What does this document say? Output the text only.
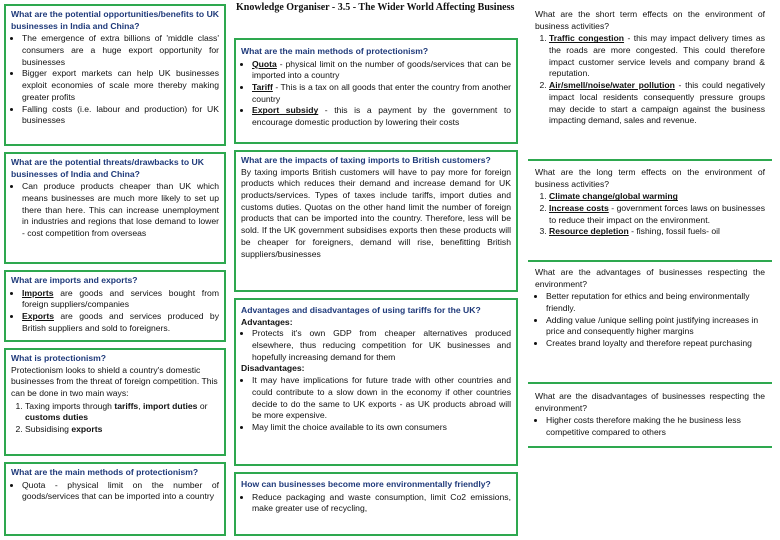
Knowledge Organiser - 3.5 - The Wider World Affecting Business
What are the potential opportunities/benefits to UK businesses in India and China?
• The emergence of extra billions of 'middle class' consumers are a huge export opportunity for businesses
• Bigger export markets can help UK businesses exploit economies of scale more thereby making greater profits
• Falling costs (i.e. labour and production) for UK businesses
What are the potential threats/drawbacks to UK businesses of India and China?
• Can produce products cheaper than UK which means businesses are much more likely to set up there than here. This can increase unemployment in industries and regions that lose demand to lower - cost competition from overseas
What are imports and exports?
• Imports are goods and services bought from foreign suppliers/companies
• Exports are goods and services produced by British suppliers and sold to foreigners.
What is protectionism?

Protectionism looks to shield a country's domestic businesses from the threat of foreign competition. This can be done in two main ways:

1. Taxing imports through tariffs, import duties or customs duties
2. Subsidising exports
What are the main methods of protectionism?
• Quota - physical limit on the number of goods/services that can be imported into a country
What are the main methods of protectionism?
• Quota - physical limit on the number of goods/services that can be imported into a country
• Tariff - This is a tax on all goods that enter the country from another country
• Export subsidy - this is a payment by the government to encourage domestic production by lowering their costs
What are the impacts of taxing imports to British customers?

By taxing imports British customers will have to pay more for foreign products which reduces their demand and increase demand for UK products/services. Types of taxes include tariffs, import duties and customs duties. Quotas on the other hand limit the number of foreign products that can be imported into the country. Therefore, less will be sold. If the UK government subsidises exports then these products will be cheaper for foreigners, demand will rise, benefitting British suppliers/businesses

Advantages and disadvantages of using tariffs for the UK?
Advantages:
• Protects it's own GDP from cheaper alternatives produced elsewhere, thus reducing competition for UK businesses and hopefully increasing demand for them
Disadvantages:
• It may have implications for future trade with other countries and could contribute to a slow down in the economy if other countries decide to do the same to UK exports - as UK products abroad will be more expensive.
• May limit the choice available to its own consumers
How can businesses become more environmentally friendly?
• Reduce packaging and waste consumption, limit Co2 emissions, make greater use of recycling,
What are the short term effects on the environment of business activities?
1. Traffic congestion - this may impact delivery times as the roads are more congested. This could therefore impact customer service levels and company brand & reputation.
2. Air/smell/noise/water pollution - this could negatively impact local residents consequently pressure groups may decide to start a campaign against the business impacting demand, sales and revenue.
What are the long term effects on the environment of business activities?
1. Climate change/global warming
2. Increase costs - government forces laws on businesses to reduce their impact on the environment.
3. Resource depletion - fishing, fossil fuels- oil
What are the advantages of businesses respecting the environment?
• Better reputation for ethics and being environmentally friendly.
• Adding value /unique selling point justifying increases in price and consequently higher margins
• Creates brand loyalty and therefore repeat purchasing
What are the disadvantages of businesses respecting the environment?
• Higher costs therefore making the he business less competitive compared to others
